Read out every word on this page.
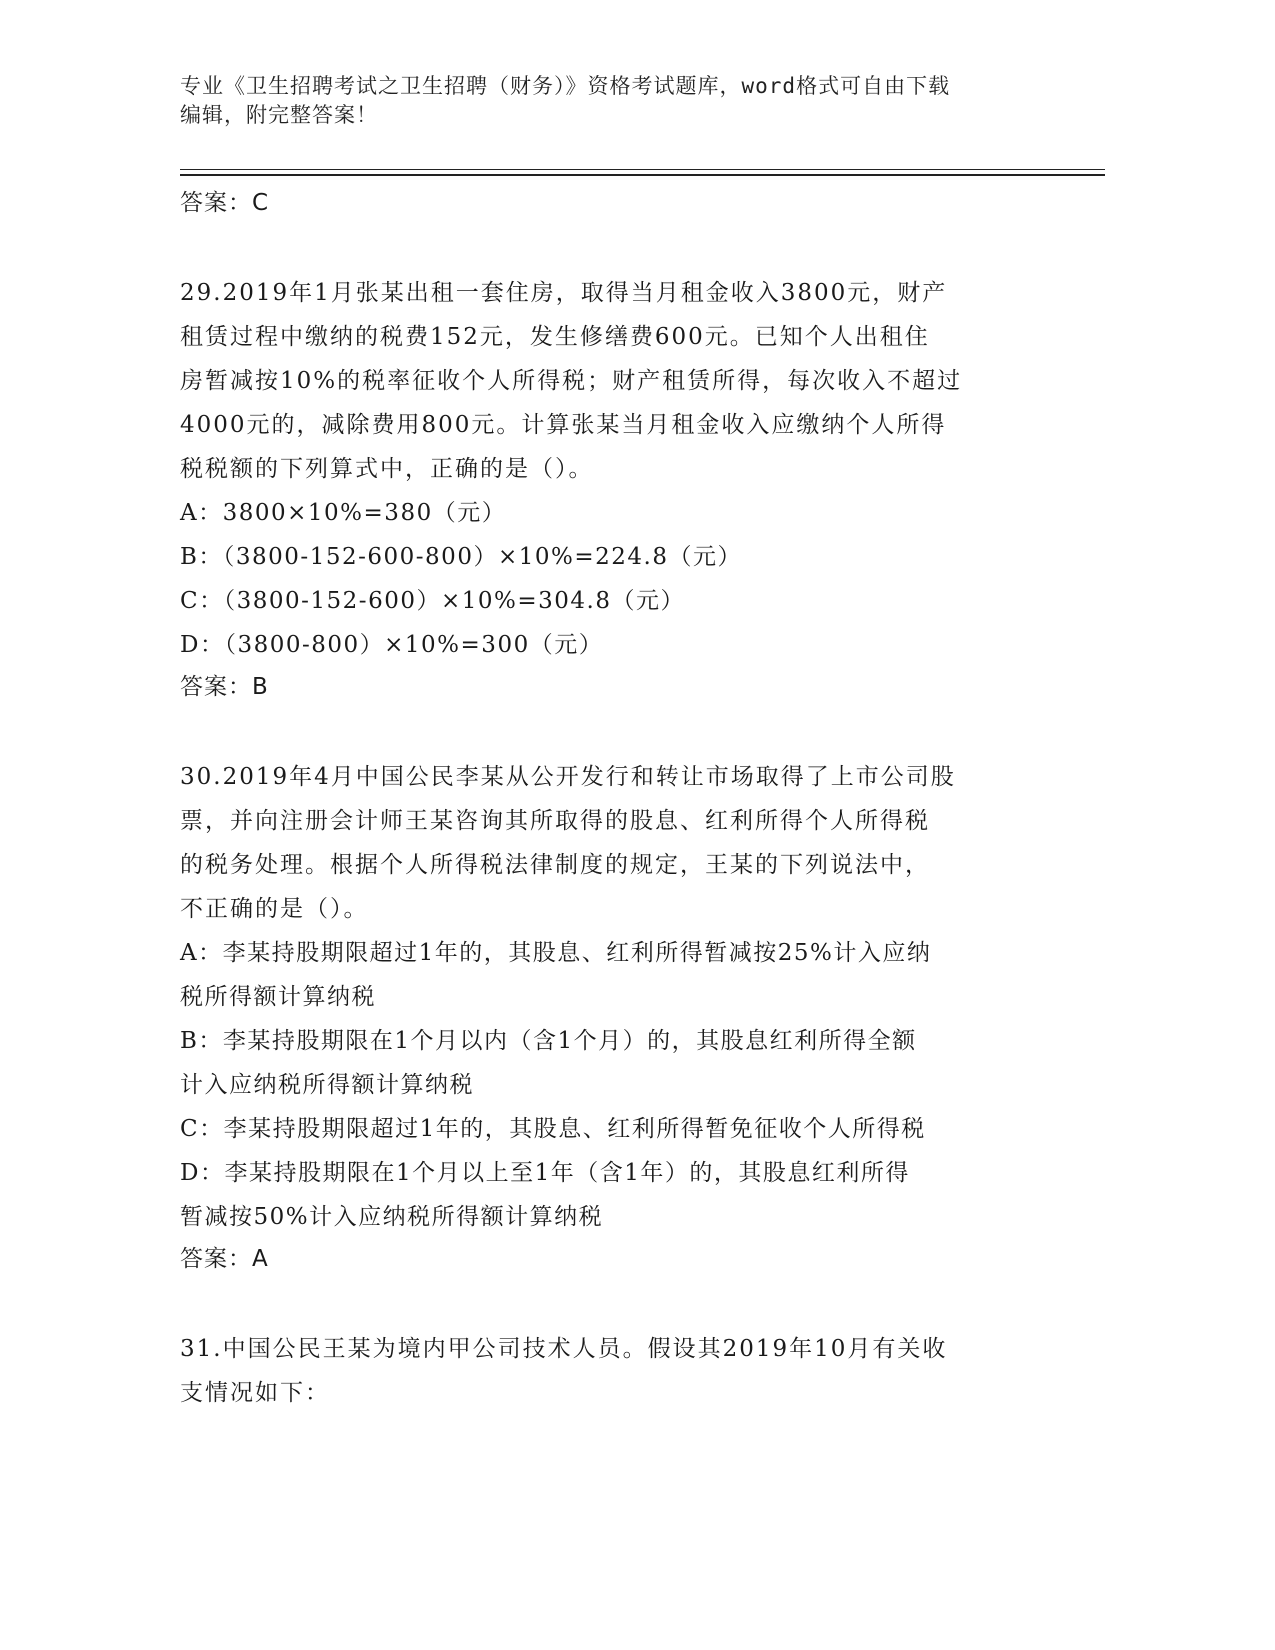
专业《卫生招聘考试之卫生招聘（财务）》资格考试题库，word格式可自由下载

编辑，附完整答案！

答案：C

29.2019年1月张某出租一套住房，取得当月租金收入3800元，财产

租赁过程中缴纳的税费152元，发生修缮费600元。已知个人出租住

房暂减按10%的税率征收个人所得税；财产租赁所得，每次收入不超过

4000元的，减除费用800元。计算张某当月租金收入应缴纳个人所得

税税额的下列算式中，正确的是（）。

A：3800×10%=380（元）

B：（3800-152-600-800）×10%=224.8（元）

C：（3800-152-600）×10%=304.8（元）

D：（3800-800）×10%=300（元）

答案：B

30.2019年4月中国公民李某从公开发行和转让市场取得了上市公司股

票，并向注册会计师王某咨询其所取得的股息、红利所得个人所得税

的税务处理。根据个人所得税法律制度的规定，王某的下列说法中，

不正确的是（）。

A：李某持股期限超过1年的，其股息、红利所得暂减按25%计入应纳

税所得额计算纳税

B：李某持股期限在1个月以内（含1个月）的，其股息红利所得全额

计入应纳税所得额计算纳税

C：李某持股期限超过1年的，其股息、红利所得暂免征收个人所得税

D：李某持股期限在1个月以上至1年（含1年）的，其股息红利所得

暂减按50%计入应纳税所得额计算纳税

答案：A

31.中国公民王某为境内甲公司技术人员。假设其2019年10月有关收

支情况如下：
